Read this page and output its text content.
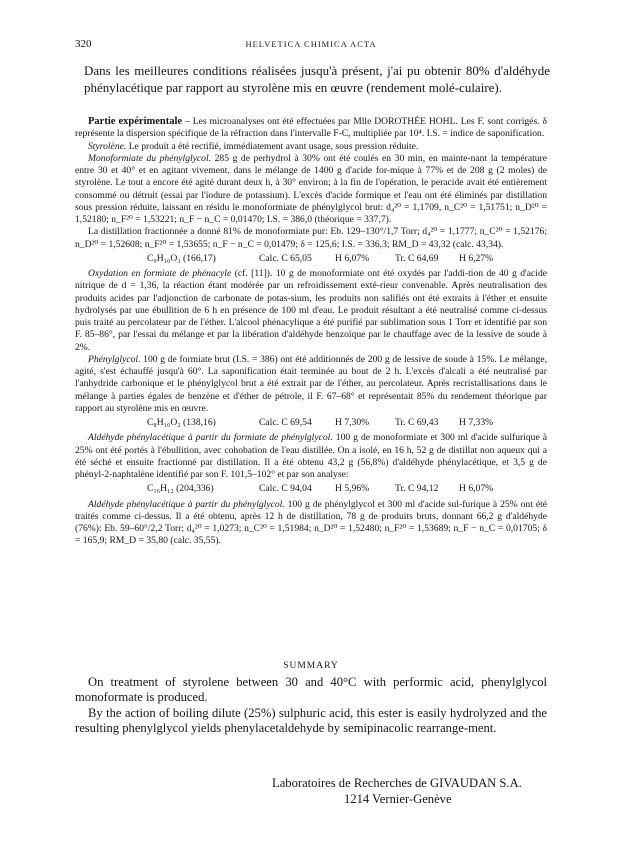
320	HELVETICA CHIMICA ACTA
Dans les meilleures conditions réalisées jusqu'à présent, j'ai pu obtenir 80% d'aldéhyde phénylacétique par rapport au styrolène mis en œuvre (rendement molé-culaire).

Partie expérimentale – Les microanalyses ont été effectuées par Mlle DOROTHÉE HOHL. Les F. sont corrigés. δ représente la dispersion spécifique de la réfraction dans l'intervalle F-C, multipliée par 10⁴. I.S. = indice de saponification.

Styrolène. Le produit a été rectifié, immédiatement avant usage, sous pression réduite.

Monoformiate du phénylglycol. 285 g de perhydrol à 30% ont été coulés en 30 min, en mainte-nant la température entre 30 et 40° et en agitant vivement, dans le mélange de 1400 g d'acide for-mique à 77% et de 208 g (2 moles) de styrolène. Le tout a encore été agité durant deux h, à 30° environ; à la fin de l'opération, le peracide avait été entièrement consommé ou détruit (essai par l'iodure de potassium). L'excès d'acide formique et l'eau ont été éliminés par distillation sous pression réduite, laissant en résidu le monoformiate de phénylglycol brut: d₄²⁰ = 1,1709, n_C²⁰ = 1,51751; n_D²⁰ = 1,52180; n_F²⁰ = 1,53221; n_F − n_C = 0,01470; I.S. = 386,0 (théorique = 337,7).

La distillation fractionnée a donné 81% de monoformiate pur: Eb. 129–130°/1,7 Torr; d₄²⁰ = 1,1777; n_C²⁰ = 1,52176; n_D²⁰ = 1,52608; n_F²⁰ = 1,53655; n_F − n_C = 0,01479; δ = 125,6; I.S. = 336,3; RM_D = 43,32 (calc. 43,34).

C₉H₁₀O₃ (166,17)	Calc. C 65,05	H 6,07%	Tr. C 64,69	H 6,27%

Oxydation en formiate de phénacyle (cf. [11]). 10 g de monoformiate ont été oxydés par l'addi-tion de 40 g d'acide nitrique de d = 1,36, la réaction étant modérée par un refroidissement exté-rieur convenable. Après neutralisation des produits acides par l'adjonction de carbonate de potas-sium, les produits non salifiés ont été extraits à l'éther et ensuite hydrolysés par une ébullition de 6 h en présence de 100 ml d'eau. Le produit résultant a été neutralisé comme ci-dessus puis traité au percolateur par de l'éther. L'alcool phénacylique a été purifié par sublimation sous 1 Torr et identifié par son F. 85–86°, par l'essai du mélange et par la libération d'aldéhyde benzoïque par le chauffage avec de la lessive de soude à 2%.

Phénylglycol. 100 g de formiate brut (I.S. = 386) ont été additionnés de 200 g de lessive de soude à 15%. Le mélange, agité, s'est échauffé jusqu'à 60°. La saponification était terminée au bout de 2 h. L'excès d'alcali a été neutralisé par l'anhydride carbonique et le phénylglycol brut a été extrait par de l'éther, au percolateur. Après recristallisations dans le mélange à parties égales de benzène et d'éther de pétrole, il F. 67–68° et représentait 85% du rendement théorique par rapport au styrolène mis en œuvre.

C₈H₁₀O₂ (138,16)	Calc. C 69,54	H 7,30%	Tr. C 69,43	H 7,33%

Aldéhyde phénylacétique à partir du formiate de phénylglycol. 100 g de monoformiate et 300 ml d'acide sulfurique à 25% ont été portés à l'ébullition, avec cohobation de l'eau distillée. On a isolé, en 16 h, 52 g de distillat non aqueux qui a été séché et ensuite fractionné par distillation. Il a été obtenu 43,2 g (56,8%) d'aldéhyde phénylacétique, et 3,5 g de phényl-2-naphtalène identifié par son F. 101,5–102° et par son analyse:

C₁₆H₁₂ (204,336)	Calc. C 94,04	H 5,96%	Tr. C 94,12	H 6,07%

Aldéhyde phénylacétique à partir du phénylglycol. 100 g de phénylglycol et 300 ml d'acide sul-furique à 25% ont été traités comme ci-dessus. Il a été obtenu, après 12 h de distillation, 78 g de produits bruts, donnant 66,2 g d'aldéhyde (76%): Eb. 59–60°/2,2 Torr; d₄²⁰ = 1,0273; n_C²⁰ = 1,51984; n_D²⁰ = 1,52480; n_F²⁰ = 1,53689; n_F − n_C = 0,01705; δ = 165,9; RM_D = 35,80 (calc. 35,55).

SUMMARY

On treatment of styrolene between 30 and 40°C with performic acid, phenylglycol monoformate is produced.

By the action of boiling dilute (25%) sulphuric acid, this ester is easily hydrolyzed and the resulting phenylglycol yields phenylacetaldehyde by semipinacolic rearrange-ment.

Laboratoires de Recherches de GIVAUDAN S.A.
1214 Vernier-Genève
